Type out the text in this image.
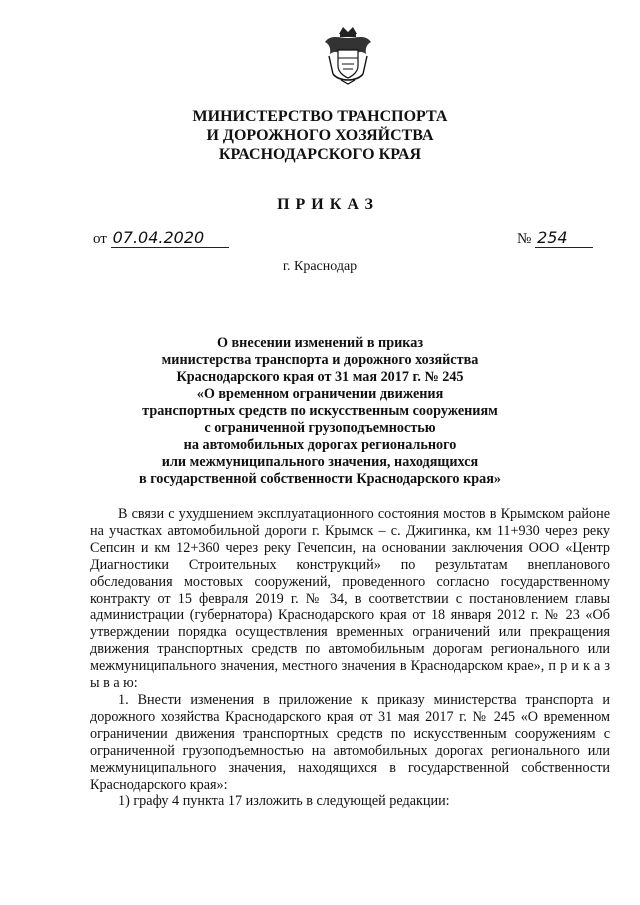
МИНИСТЕРСТВО ТРАНСПОРТА
И ДОРОЖНОГО ХОЗЯЙСТВА
КРАСНОДАРСКОГО КРАЯ
ПРИКАЗ
от 07.04.2020	№ 254
г. Краснодар
О внесении изменений в приказ
министерства транспорта и дорожного хозяйства
Краснодарского края от 31 мая 2017 г. № 245
«О временном ограничении движения
транспортных средств по искусственным сооружениям
с ограниченной грузоподъемностью
на автомобильных дорогах регионального
или межмуниципального значения, находящихся
в государственной собственности Краснодарского края»

В связи с ухудшением эксплуатационного состояния мостов в Крымском районе на участках автомобильной дороги г. Крымск – с. Джигинка, км 11+930 через реку Сепсин и км 12+360 через реку Гечепсин, на основании заключения ООО «Центр Диагностики Строительных конструкций» по результатам внепланового обследования мостовых сооружений, проведенного согласно государственному контракту от 15 февраля 2019 г. № 34, в соответствии с постановлением главы администрации (губернатора) Краснодарского края от 18 января 2012 г. № 23 «Об утверждении порядка осуществления временных ограничений или прекращения движения транспортных средств по автомобильным дорогам регионального или межмуниципального значения, местного значения в Краснодарском крае», п р и к а з ы в а ю:

1. Внести изменения в приложение к приказу министерства транспорта и дорожного хозяйства Краснодарского края от 31 мая 2017 г. № 245 «О временном ограничении движения транспортных средств по искусственным сооружениям с ограниченной грузоподъемностью на автомобильных дорогах регионального или межмуниципального значения, находящихся в государственной собственности Краснодарского края»:

1) графу 4 пункта 17 изложить в следующей редакции:
